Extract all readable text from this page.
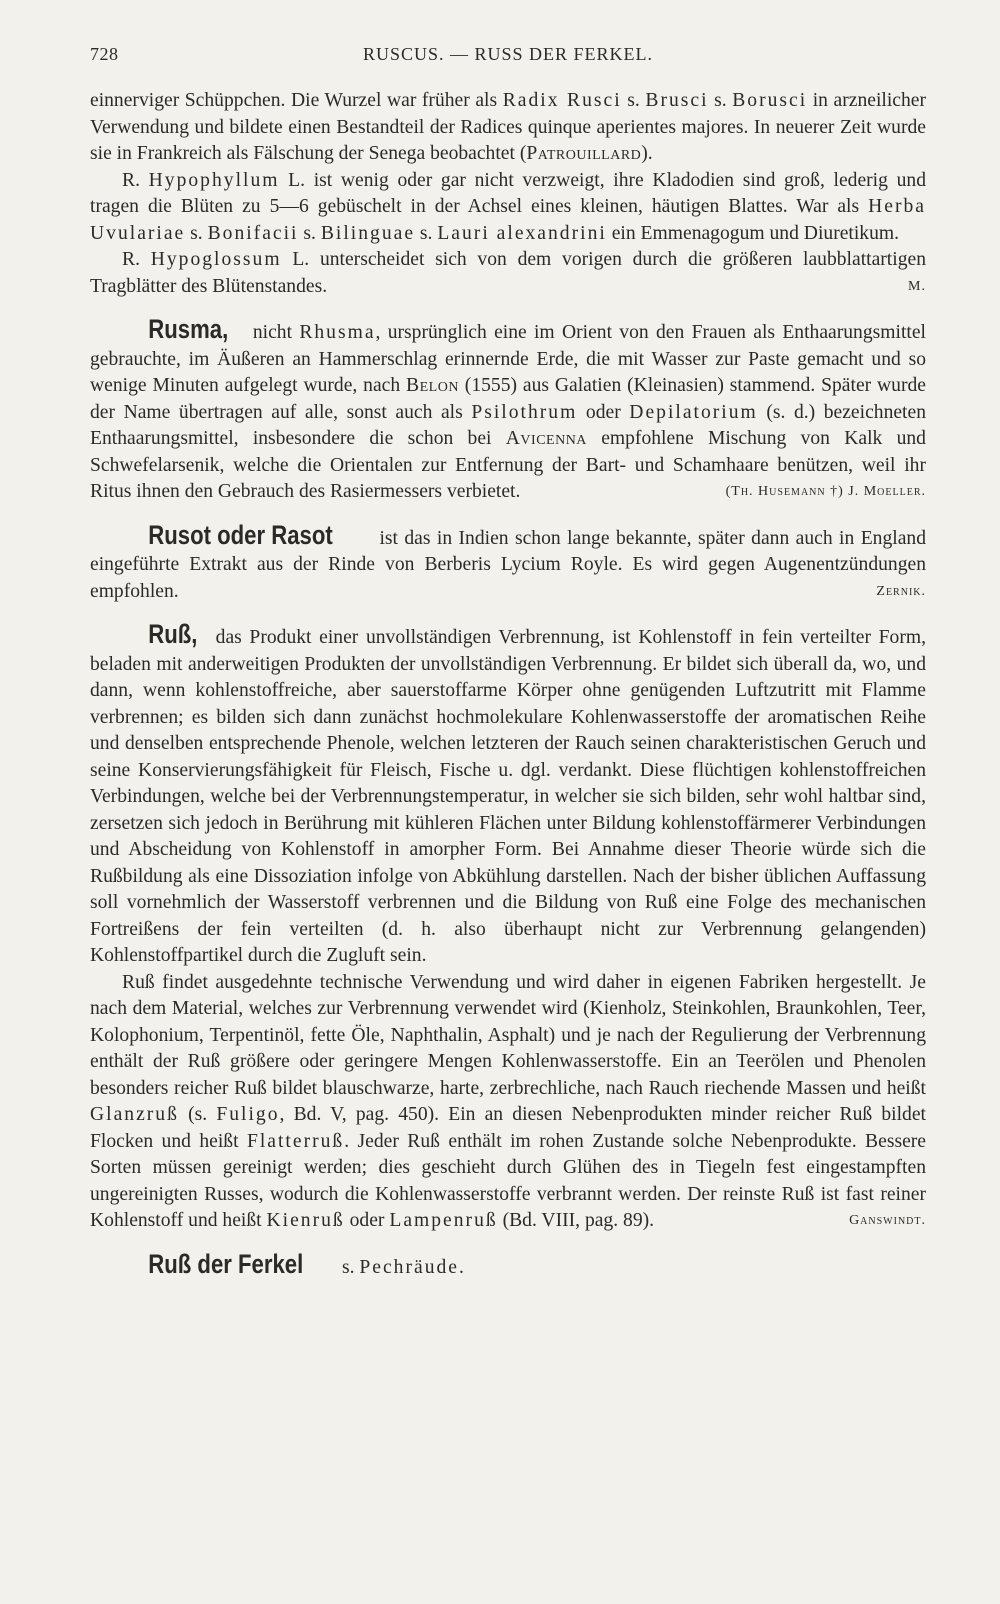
728	RUSCUS. — RUSS DER FERKEL.

einnerviger Schüppchen. Die Wurzel war früher als Radix Rusci s. Brusci s. Borusci in arzneilicher Verwendung und bildete einen Bestandteil der Radices quinque aperientes majores. In neuerer Zeit wurde sie in Frankreich als Fälschung der Senega beobachtet (Patrouillard).

R. Hypophyllum L. ist wenig oder gar nicht verzweigt, ihre Kladodien sind groß, lederig und tragen die Blüten zu 5—6 gebüschelt in der Achsel eines kleinen, häutigen Blattes. War als Herba Uvulariae s. Bonifacii s. Bilinguae s. Lauri alexandrini ein Emmenagogum und Diuretikum.

R. Hypoglossum L. unterscheidet sich von dem vorigen durch die größeren laubblattartigen Tragblätter des Blütenstandes.	M.

Rusma, nicht Rhusma, ursprünglich eine im Orient von den Frauen als Enthaarungsmittel gebrauchte, im Äußeren an Hammerschlag erinnernde Erde, die mit Wasser zur Paste gemacht und so wenige Minuten aufgelegt wurde, nach Belon (1555) aus Galatien (Kleinasien) stammend. Später wurde der Name übertragen auf alle, sonst auch als Psilothrum oder Depilatorium (s. d.) bezeichneten Enthaarungsmittel, insbesondere die schon bei Avicenna empfohlene Mischung von Kalk und Schwefelarsenik, welche die Orientalen zur Entfernung der Bart- und Schamhaare benützen, weil ihr Ritus ihnen den Gebrauch des Rasiermessers verbietet.	(Th. Husemann †) J. Moeller.

Rusot oder Rasot ist das in Indien schon lange bekannte, später dann auch in England eingeführte Extrakt aus der Rinde von Berberis Lycium Royle. Es wird gegen Augenentzündungen empfohlen.	Zernik.

Ruß, das Produkt einer unvollständigen Verbrennung, ist Kohlenstoff in fein verteilter Form, beladen mit anderweitigen Produkten der unvollständigen Verbrennung. Er bildet sich überall da, wo, und dann, wenn kohlenstoffreiche, aber sauerstoffarme Körper ohne genügenden Luftzutritt mit Flamme verbrennen; es bilden sich dann zunächst hochmolekulare Kohlenwasserstoffe der aromatischen Reihe und denselben entsprechende Phenole, welchen letzteren der Rauch seinen charakteristischen Geruch und seine Konservierungsfähigkeit für Fleisch, Fische u. dgl. verdankt. Diese flüchtigen kohlenstoffreichen Verbindungen, welche bei der Verbrennungstemperatur, in welcher sie sich bilden, sehr wohl haltbar sind, zersetzen sich jedoch in Berührung mit kühleren Flächen unter Bildung kohlenstoffärmerer Verbindungen und Abscheidung von Kohlenstoff in amorpher Form. Bei Annahme dieser Theorie würde sich die Rußbildung als eine Dissoziation infolge von Abkühlung darstellen. Nach der bisher üblichen Auffassung soll vornehmlich der Wasserstoff verbrennen und die Bildung von Ruß eine Folge des mechanischen Fortreißens der fein verteilten (d. h. also überhaupt nicht zur Verbrennung gelangenden) Kohlenstoffpartikel durch die Zugluft sein.

Ruß findet ausgedehnte technische Verwendung und wird daher in eigenen Fabriken hergestellt. Je nach dem Material, welches zur Verbrennung verwendet wird (Kienholz, Steinkohlen, Braunkohlen, Teer, Kolophonium, Terpentinöl, fette Öle, Naphthalin, Asphalt) und je nach der Regulierung der Verbrennung enthält der Ruß größere oder geringere Mengen Kohlenwasserstoffe. Ein an Teerölen und Phenolen besonders reicher Ruß bildet blauschwarze, harte, zerbrechliche, nach Rauch riechende Massen und heißt Glanzruß (s. Fuligo, Bd. V, pag. 450). Ein an diesen Nebenprodukten minder reicher Ruß bildet Flocken und heißt Flatterruß. Jeder Ruß enthält im rohen Zustande solche Nebenprodukte. Bessere Sorten müssen gereinigt werden; dies geschieht durch Glühen des in Tiegeln fest eingestampften ungereinigten Russes, wodurch die Kohlenwasserstoffe verbrannt werden. Der reinste Ruß ist fast reiner Kohlenstoff und heißt Kienruß oder Lampenruß (Bd. VIII, pag. 89).	Ganswindt.

Ruß der Ferkel s. Pechräude.
